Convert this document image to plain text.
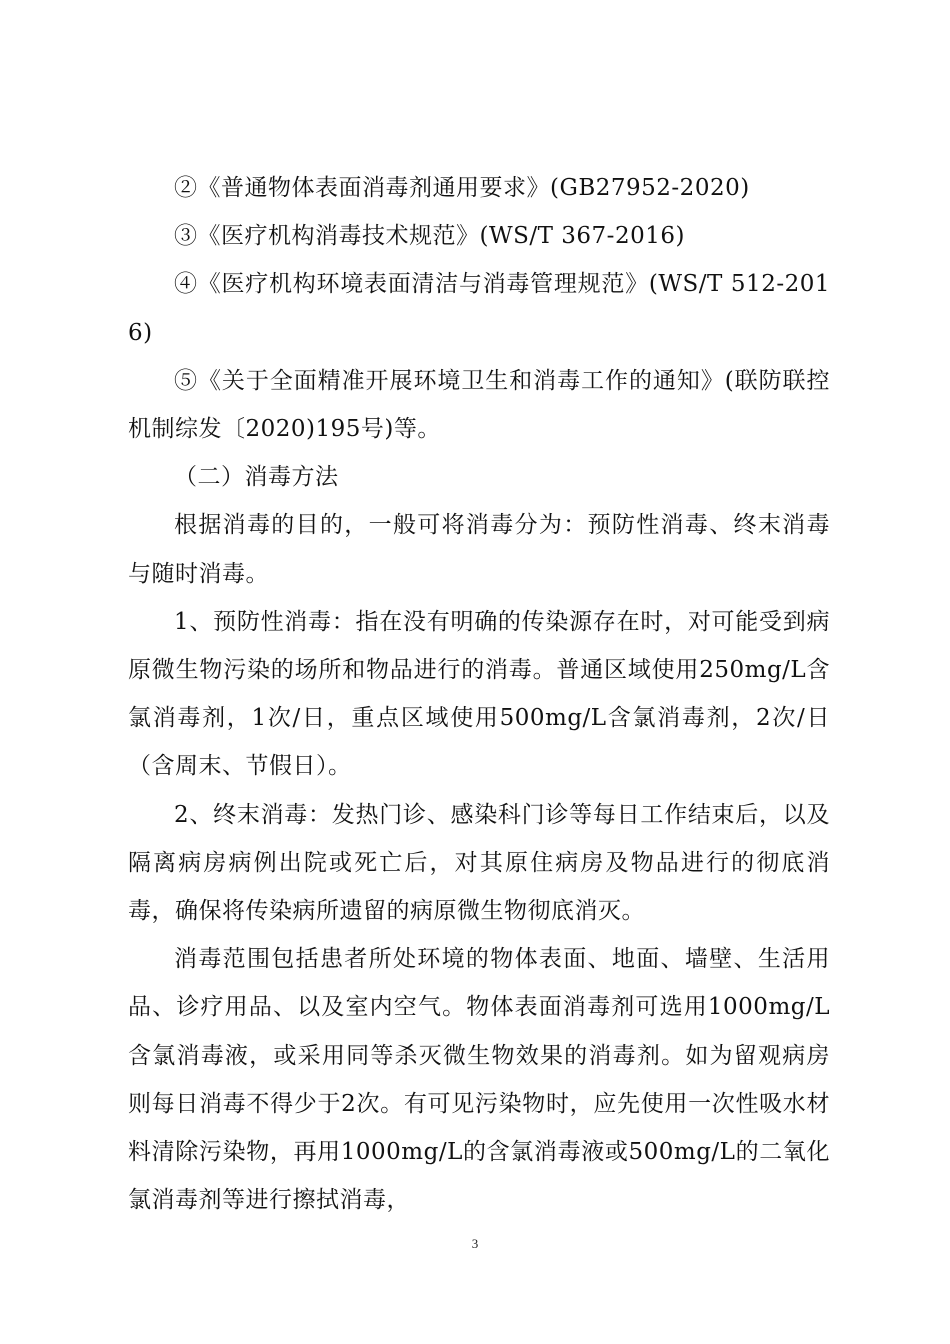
②《普通物体表面消毒剂通用要求》(GB27952-2020)

③《医疗机构消毒技术规范》(WS/T 367-2016)

④《医疗机构环境表面清洁与消毒管理规范》(WS/T 512-2016)

⑤《关于全面精准开展环境卫生和消毒工作的通知》(联防联控机制综发〔2020)195号)等。

（二）消毒方法

根据消毒的目的，一般可将消毒分为：预防性消毒、终末消毒与随时消毒。

1、预防性消毒：指在没有明确的传染源存在时，对可能受到病原微生物污染的场所和物品进行的消毒。普通区域使用250mg/L含氯消毒剂，1次/日，重点区域使用500mg/L含氯消毒剂，2次/日（含周末、节假日）。

2、终末消毒：发热门诊、感染科门诊等每日工作结束后，以及隔离病房病例出院或死亡后，对其原住病房及物品进行的彻底消毒，确保将传染病所遗留的病原微生物彻底消灭。

消毒范围包括患者所处环境的物体表面、地面、墙壁、生活用品、诊疗用品、以及室内空气。物体表面消毒剂可选用1000mg/L含氯消毒液，或采用同等杀灭微生物效果的消毒剂。如为留观病房则每日消毒不得少于2次。有可见污染物时，应先使用一次性吸水材料清除污染物，再用1000mg/L的含氯消毒液或500mg/L的二氧化氯消毒剂等进行擦拭消毒，

3
